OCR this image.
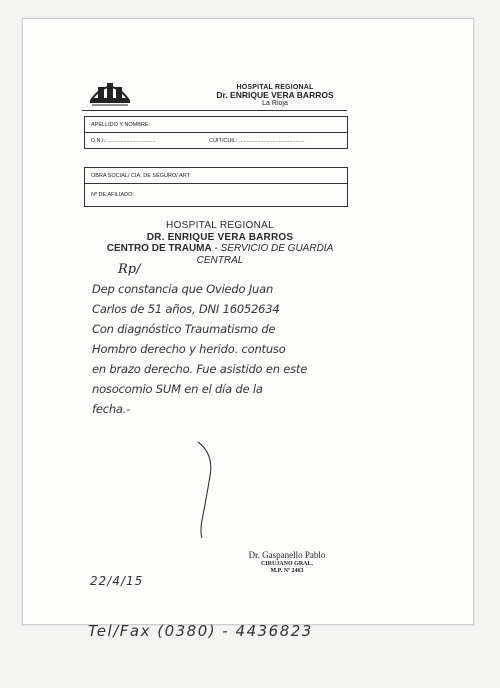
HOSPITAL REGIONAL
Dr. ENRIQUE VERA BARROS
La Rioja
APELLIDO Y NOMBRE:
D.N.I.: ...............................	CUIT/CUIL: ...........................................
OBRA SOCIAL/ CIA. DE SEGURO/ ART:
Nº DE AFILIADO:
HOSPITAL REGIONAL
DR. ENRIQUE VERA BARROS
CENTRO DE TRAUMA - SERVICIO DE GUARDIA CENTRAL
Rp/
Dep constancia que Oviedo Juan
Carlos de 51 años, DNI 16052634
Con diagnóstico Traumatismo de
Hombro derecho y herido. contuso
en brazo derecho. Fue asistido en este
nosocomio SUM en el día de la
fecha.-
Dr. Gaspanello Pablo
CIRUJANO GRAL.
M.P. Nº 2463
22/4/15
Tel/Fax (0380) - 4436823
